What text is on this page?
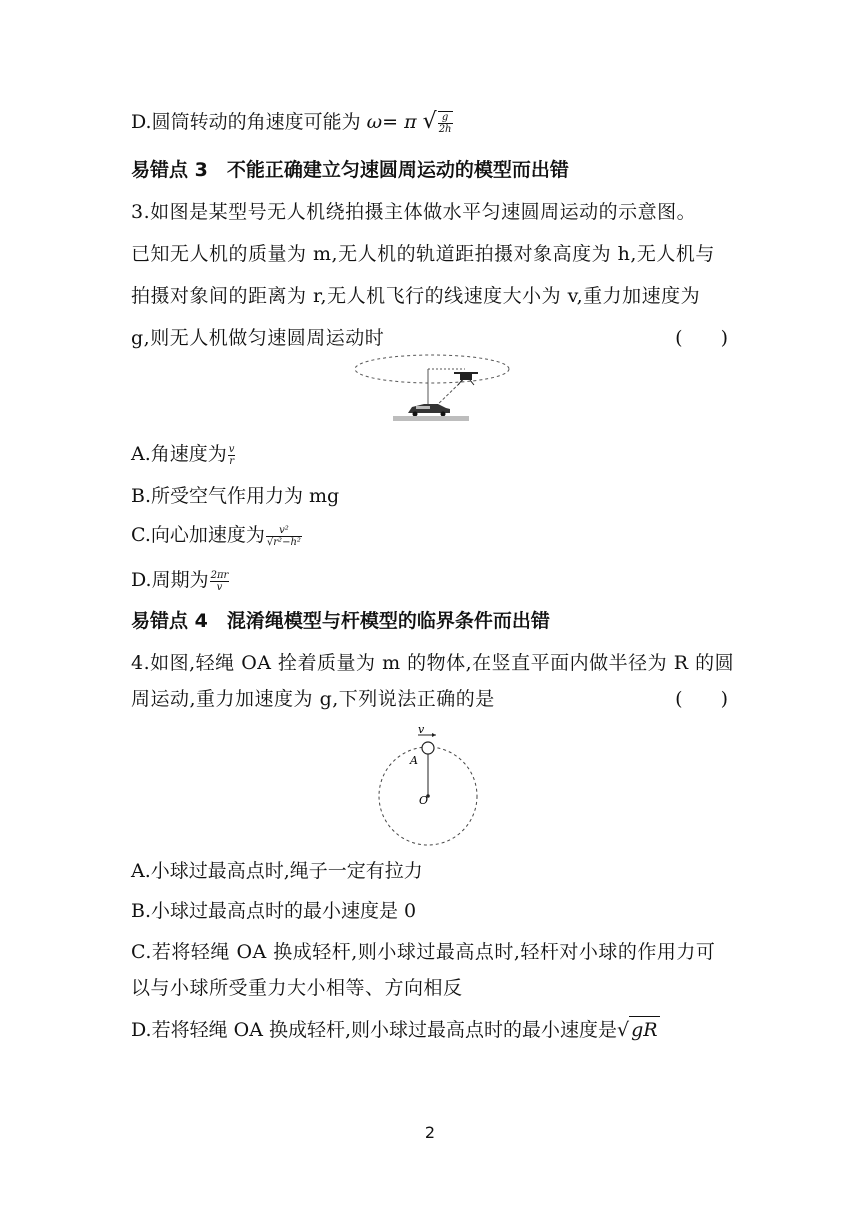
D.圆筒转动的角速度可能为 ω= π √ $\frac{g}{2h}$
易错点 3　不能正确建立匀速圆周运动的模型而出错
3.如图是某型号无人机绕拍摄主体做水平匀速圆周运动的示意图。
已知无人机的质量为 m,无人机的轨道距拍摄对象高度为 h,无人机与
拍摄对象间的距离为 r,无人机飞行的线速度大小为 v,重力加速度为
g,则无人机做匀速圆周运动时	(　　)
A.角速度为 $\frac{v}{r}$
B.所受空气作用力为 mg
C.向心加速度为 $\frac{\text{v²}}{\text{√r²−h²}}$
D.周期为 $\frac{2\pi r}{v}$
易错点 4　混淆绳模型与杆模型的临界条件而出错
4.如图,轻绳 OA 拴着质量为 m 的物体,在竖直平面内做半径为 R 的圆
周运动,重力加速度为 g,下列说法正确的是	(　　)
v
A
O
A.小球过最高点时,绳子一定有拉力
B.小球过最高点时的最小速度是 0
C.若将轻绳 OA 换成轻杆,则小球过最高点时,轻杆对小球的作用力可
以与小球所受重力大小相等、方向相反
D.若将轻绳 OA 换成轻杆,则小球过最高点时的最小速度是√ gR
2
